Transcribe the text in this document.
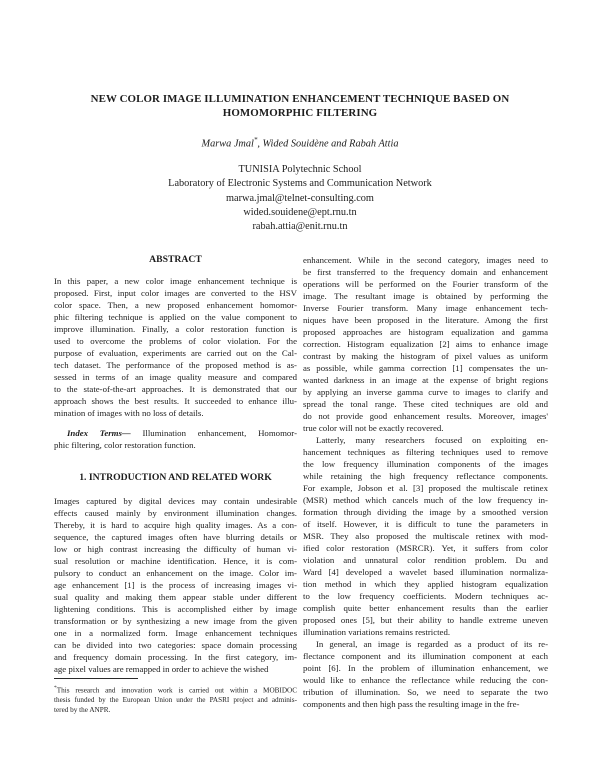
NEW COLOR IMAGE ILLUMINATION ENHANCEMENT TECHNIQUE BASED ON
HOMOMORPHIC FILTERING
Marwa Jmal*, Wided Souidène and Rabah Attia
TUNISIA Polytechnic School
Laboratory of Electronic Systems and Communication Network
marwa.jmal@telnet-consulting.com
wided.souidene@ept.rnu.tn
rabah.attia@enit.rnu.tn
ABSTRACT
In this paper, a new color image enhancement technique is
proposed. First, input color images are converted to the HSV
color space. Then, a new proposed enhancement homomor-
phic filtering technique is applied on the value component to
improve illumination. Finally, a color restoration function is
used to overcome the problems of color violation. For the
purpose of evaluation, experiments are carried out on the Cal-
tech dataset. The performance of the proposed method is as-
sessed in terms of an image quality measure and compared
to the state-of-the-art approaches. It is demonstrated that our
approach shows the best results. It succeeded to enhance illu-
mination of images with no loss of details.
Index Terms— Illumination enhancement, Homomor-
phic filtering, color restoration function.
1. INTRODUCTION AND RELATED WORK
Images captured by digital devices may contain undesirable
effects caused mainly by environment illumination changes.
Thereby, it is hard to acquire high quality images. As a con-
sequence, the captured images often have blurring details or
low or high contrast increasing the difficulty of human vi-
sual resolution or machine identification. Hence, it is com-
pulsory to conduct an enhancement on the image. Color im-
age enhancement [1] is the process of increasing images vi-
sual quality and making them appear stable under different
lightening conditions. This is accomplished either by image
transformation or by synthesizing a new image from the given
one in a normalized form. Image enhancement techniques
can be divided into two categories: space domain processing
and frequency domain processing. In the first category, im-
age pixel values are remapped in order to achieve the wished
*This research and innovation work is carried out within a MOBIDOC
thesis funded by the European Union under the PASRI project and adminis-
tered by the ANPR.
enhancement. While in the second category, images need to
be first transferred to the frequency domain and enhancement
operations will be performed on the Fourier transform of the
image. The resultant image is obtained by performing the
Inverse Fourier transform. Many image enhancement tech-
niques have been proposed in the literature. Among the first
proposed approaches are histogram equalization and gamma
correction. Histogram equalization [2] aims to enhance image
contrast by making the histogram of pixel values as uniform
as possible, while gamma correction [1] compensates the un-
wanted darkness in an image at the expense of bright regions
by applying an inverse gamma curve to images to clarify and
spread the tonal range. These cited techniques are old and
do not provide good enhancement results. Moreover, images'
true color will not be exactly recovered.
Latterly, many researchers focused on exploiting en-
hancement techniques as filtering techniques used to remove
the low frequency illumination components of the images
while retaining the high frequency reflectance components.
For example, Jobson et al. [3] proposed the multiscale retinex
(MSR) method which cancels much of the low frequency in-
formation through dividing the image by a smoothed version
of itself. However, it is difficult to tune the parameters in
MSR. They also proposed the multiscale retinex with mod-
ified color restoration (MSRCR). Yet, it suffers from color
violation and unnatural color rendition problem. Du and
Ward [4] developed a wavelet based illumination normaliza-
tion method in which they applied histogram equalization
to the low frequency coefficients. Modern techniques ac-
complish quite better enhancement results than the earlier
proposed ones [5], but their ability to handle extreme uneven
illumination variations remains restricted.
In general, an image is regarded as a product of its re-
flectance component and its illumination component at each
point [6]. In the problem of illumination enhancement, we
would like to enhance the reflectance while reducing the con-
tribution of illumination. So, we need to separate the two
components and then high pass the resulting image in the fre-
